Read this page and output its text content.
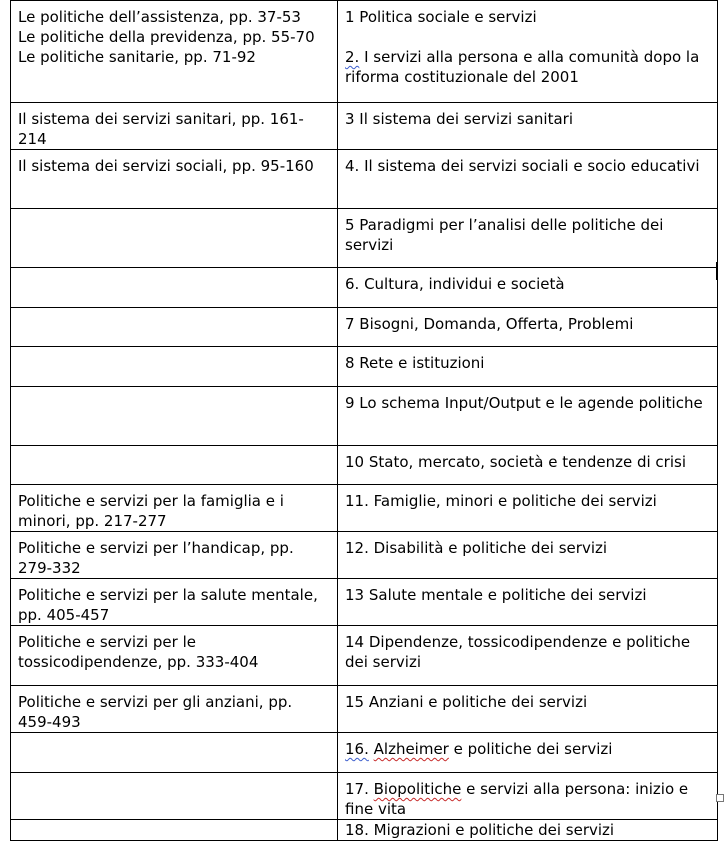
Le politiche dell’assistenza, pp. 37-53
Le politiche della previdenza, pp. 55-70
Le politiche sanitarie, pp. 71-92	1 Politica sociale e servizi
2. I servizi alla persona e alla comunità dopo la riforma costituzionale del 2001

Il sistema dei servizi sanitari, pp. 161-214	3 Il sistema dei servizi sanitari
Il sistema dei servizi sociali, pp. 95-160	4. Il sistema dei servizi sociali e socio educativi
	5 Paradigmi per l’analisi delle politiche dei servizi
	6. Cultura, individui e società
	7 Bisogni, Domanda, Offerta, Problemi
	8 Rete e istituzioni
	9 Lo schema Input/Output e le agende politiche
	10 Stato, mercato, società e tendenze di crisi
Politiche e servizi per la famiglia e i minori, pp. 217-277	11. Famiglie, minori e politiche dei servizi
Politiche e servizi per l’handicap, pp. 279-332	12. Disabilità e politiche dei servizi
Politiche e servizi per la salute mentale, pp. 405-457	13 Salute mentale e politiche dei servizi
Politiche e servizi per le tossicodipendenze, pp. 333-404	14 Dipendenze, tossicodipendenze e politiche dei servizi
Politiche e servizi per gli anziani, pp. 459-493	15 Anziani e politiche dei servizi
	16. Alzheimer e politiche dei servizi
	17. Biopolitiche e servizi alla persona: inizio e fine vita
	18. Migrazioni e politiche dei servizi
